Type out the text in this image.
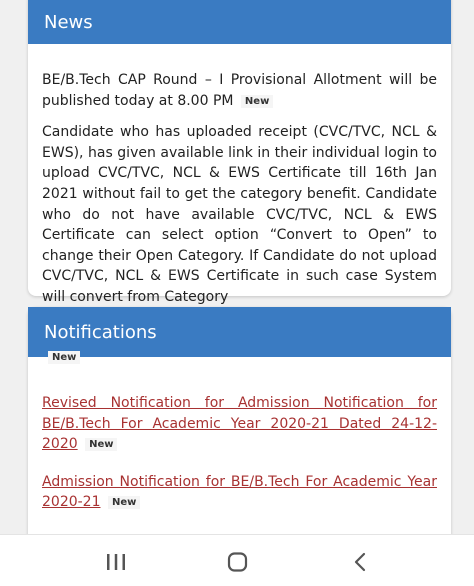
News

BE/B.Tech CAP Round – I Provisional Allotment will be published today at 8.00 PM New

Candidate who has uploaded receipt (CVC/TVC, NCL & EWS), has given available link in their individual login to upload CVC/TVC, NCL & EWS Certificate till 16th Jan 2021 without fail to get the category benefit. Candidate who do not have available CVC/TVC, NCL & EWS Certificate can select option “Convert to Open” to change their Open Category. If Candidate do not upload CVC/TVC, NCL & EWS Certificate in such case System will convert from Category

Notifications
New

Revised Notification for Admission Notification for BE/B.Tech For Academic Year 2020-21 Dated 24-12-2020 New

Admission Notification for BE/B.Tech For Academic Year 2020-21 New
